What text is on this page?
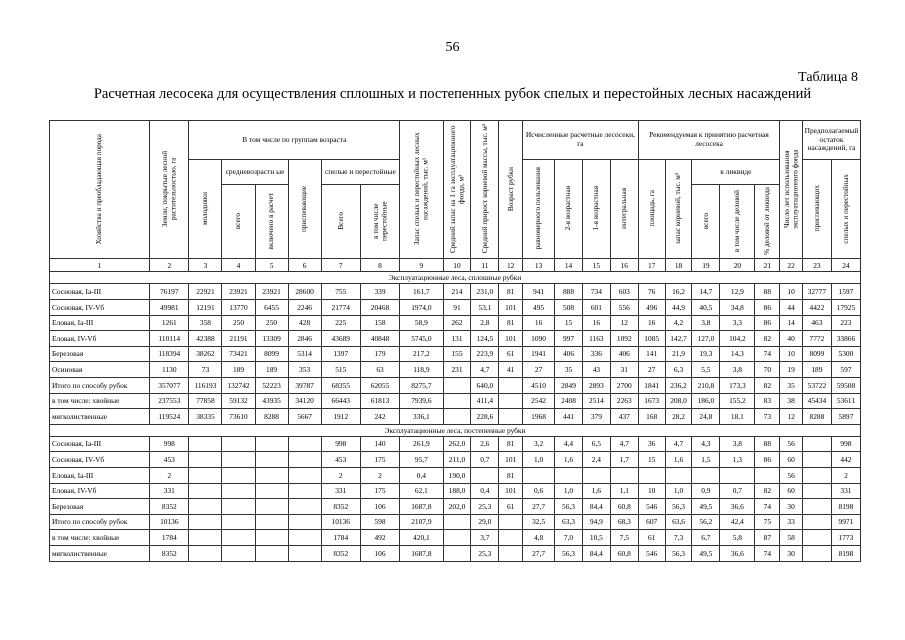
56
Таблица 8
Расчетная лесосека для осуществления сплошных и постепенных рубок спелых и перестойных лесных насаждений
Хозяйства и преобладающая порода	Земли, покрытые лесной растительностью, га	В том числе по группам возраста						Запас спелых и перестойных лесных насаждений, тыс. м³	Средний запас на 1 га эксплуатационного фонда, м³	Средний прирост корневой массы, тыс. м³	Возраст рубки	Исчисленные расчетные лесосеки, га				Рекомендуемая к принятию расчетная лесосека					Число лет использования эксплуатационного фонда	Предполагаемый остаток насаждений, га	
		молодняки	средневозрастн ые		приспевающие	спелые и перестойные						равномерного пользования	2-я возрастная	1-я возрастная	интегральная	площадь, га	запас корневой, тыс. м³	в ликвиде				приспевающих	спелых и перестойных
			всего	включено в расчет		Всего	в том числе перестойные											всего	в том числе деловой	% деловой от ликвида			
1	2	3	4	5	6	7	8	9	10	11	12	13	14	15	16	17	18	19	20	21	22	23	24
Эксплуатационные леса, сплошные рубки																							
Сосновая, Ia-III	76197	22921	23921	23921	28600	755	339	161,7	214	231,0	81	941	888	734	603	76	16,2	14,7	12,9	88	10	32777	1597
Сосновая, IV-Vб	49981	12191	13770	6455	2246	21774	20468	1974,0	91	53,1	101	495	508	601	556	496	44,9	40,5	34,8	86	44	4422	17925
Еловая, Ia-III	1261	358	250	250	428	225	158	58,9	262	2,8	81	16	15	16	12	16	4,2	3,8	3,3	86	14	463	223
Еловая, IV-Vб	110114	42388	21191	13309	2846	43689	40848	5745,0	131	124,5	101	1090	997	1163	1092	1085	142,7	127,0	104,2	82	40	7772	33866
Березовая	118394	38262	73421	8099	5314	1397	179	217,2	155	223,9	61	1941	406	336	406	141	21,9	19,3	14,3	74	10	8099	5300
Осиновая	1130	73	189	189	353	515	63	118,9	231	4,7	41	27	35	43	31	27	6,3	5,5	3,8	70	19	189	597
Итого по способу рубок	357077	116193	132742	52223	39787	68355	62055	8275,7		640,0		4510	2849	2893	2700	1841	236,2	210,8	173,3	82	35	53722	59508
в том числе: хвойные	237553	77858	59132	43935	34120	66443	61813	7939,6		411,4		2542	2408	2514	2263	1673	208,0	186,0	155,2	83	38	45434	53611
мягколиственные	119524	38335	73610	8288	5667	1912	242	336,1		228,6		1968	441	379	437	168	28,2	24,8	18,1	73	12	8288	5897
Эксплуатационные леса, постепенные рубки																							
Сосновая, Ia-III	998					998	140	261,9	262,0	2,6	81	3,2	4,4	6,5	4,7	36	4,7	4,3	3,8	88	56		998
Сосновая, IV-Vб	453					453	175	95,7	211,0	0,7	101	1,0	1,6	2,4	1,7	15	1,6	1,5	1,3	86	60		442
Еловая, Ia-III	2					2	2	0,4	190,0		81										56		2
Еловая, IV-Vб	331					331	175	62,1	188,0	0,4	101	0,6	1,0	1,6	1,1	10	1,0	0,9	0,7	82	60		331
Березовая	8352					8352	106	1687,8	202,0	25,3	61	27,7	56,3	84,4	60,8	546	56,3	49,5	36,6	74	30		8198
Итого по способу рубок	10136					10136	598	2107,9		29,0		32,5	63,3	94,9	68,3	607	63,6	56,2	42,4	75	33		9971
в том числе: хвойные	1784					1784	492	420,1		3,7		4,8	7,0	10,5	7,5	61	7,3	6,7	5,8	87	58		1773
мягколиственные	8352					8352	106	1687,8		25,3		27,7	56,3	84,4	60,8	546	56,3	49,5	36,6	74	30		8198
